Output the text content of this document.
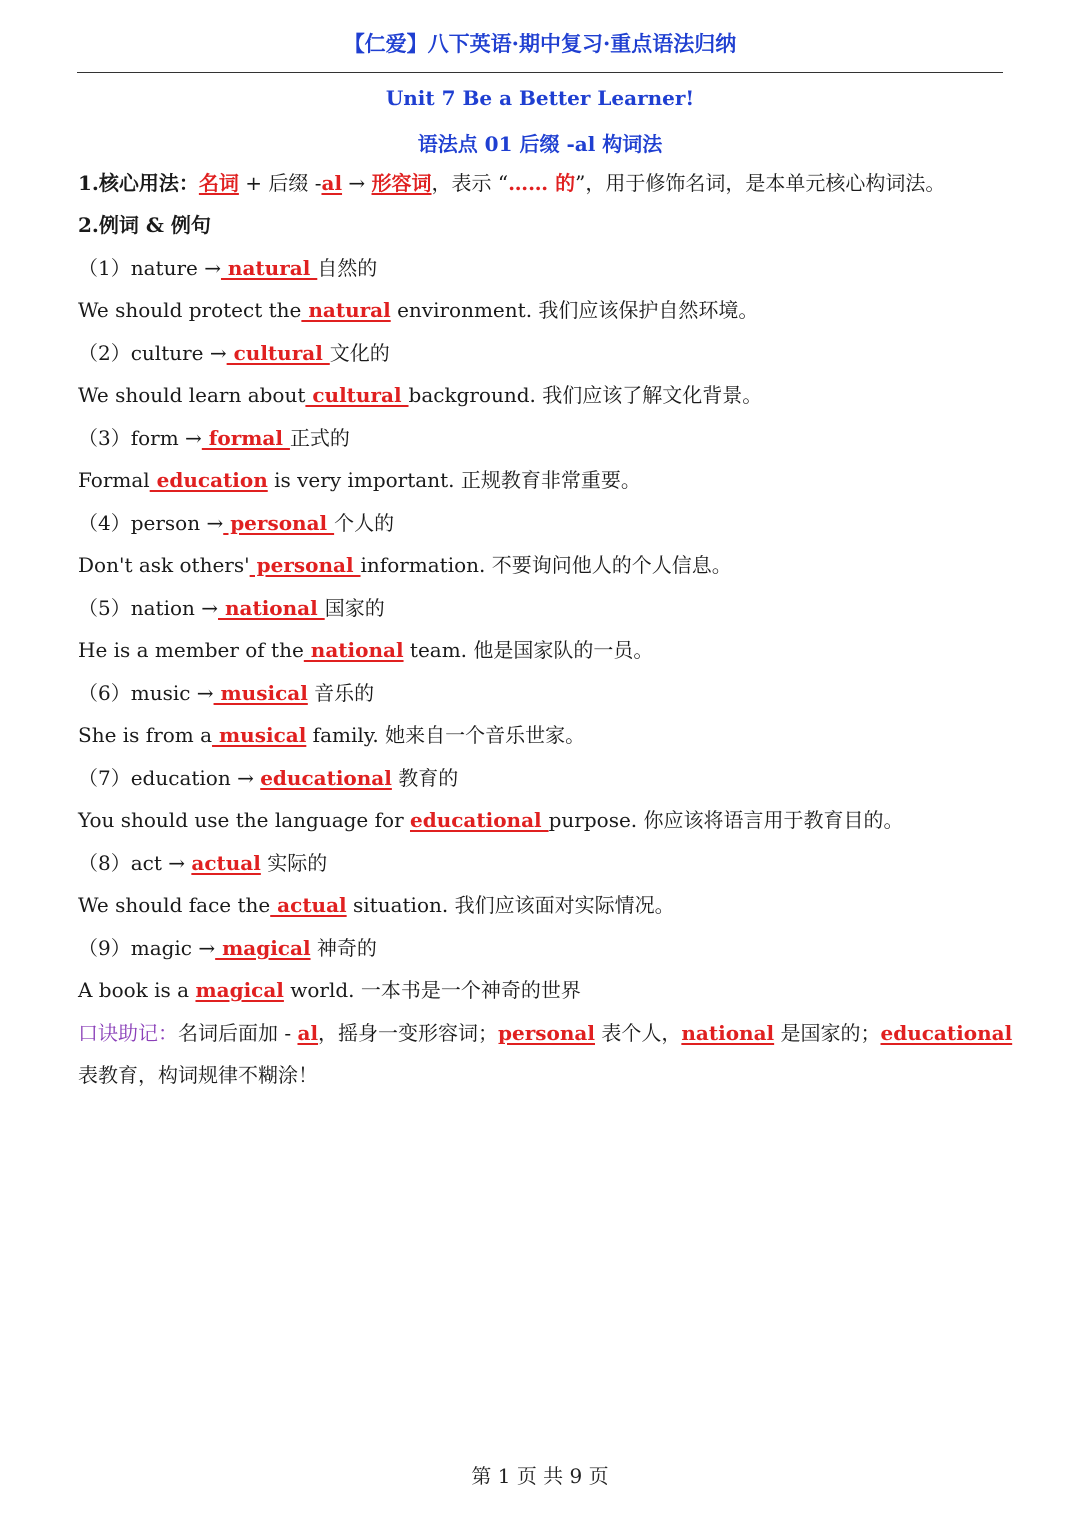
【仁爱】八下英语·期中复习·重点语法归纳
Unit 7 Be a Better Learner!
语法点 01 后缀 -al 构词法
1.核心用法：名词 + 后缀 -al → 形容词，表示 “…… 的”，用于修饰名词，是本单元核心构词法。
2.例词 & 例句
（1）nature → natural 自然的
We should protect the natural environment. 我们应该保护自然环境。
（2）culture → cultural 文化的
We should learn about cultural background. 我们应该了解文化背景。
（3）form → formal 正式的
Formal education is very important. 正规教育非常重要。
（4）person → personal 个人的
Don't ask others' personal information. 不要询问他人的个人信息。
（5）nation → national 国家的
He is a member of the national team. 他是国家队的一员。
（6）music → musical 音乐的
She is from a musical family. 她来自一个音乐世家。
（7）education → educational 教育的
You should use the language for educational purpose. 你应该将语言用于教育目的。
（8）act → actual 实际的
We should face the actual situation. 我们应该面对实际情况。
（9）magic → magical 神奇的
A book is a magical world. 一本书是一个神奇的世界
口诀助记：名词后面加 - al，摇身一变形容词；personal 表个人，national 是国家的；educational
表教育，构词规律不糊涂！
第 1 页 共 9 页
